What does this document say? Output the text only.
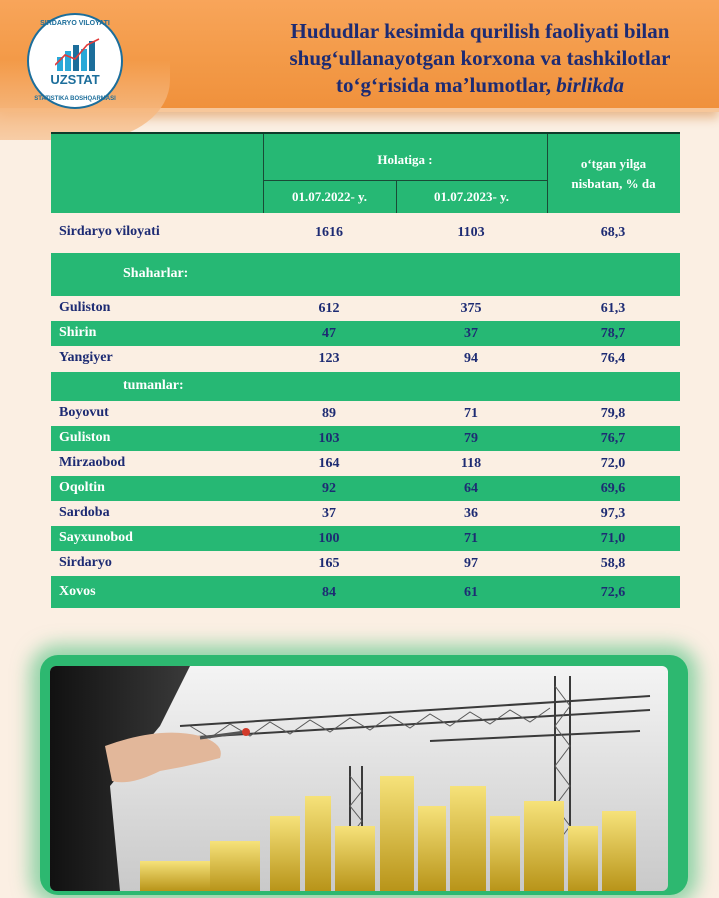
SIRDARYO VILOYATI
UZSTAT
STATISTIKA BOSHQARMASI
Hududlar kesimida qurilish faoliyati bilan
shug‘ullanayotgan korxona va tashkilotlar
to‘g‘risida ma’lumotlar, birlikda
Holatiga :
01.07.2022- y.	01.07.2023- y.
o‘tgan yilga
nisbatan, % da
Sirdaryo viloyati	1616	1103	68,3
Shaharlar:
Guliston	612	375	61,3
Shirin	47	37	78,7
Yangiyer	123	94	76,4
tumanlar:
Boyovut	89	71	79,8
Guliston	103	79	76,7
Mirzaobod	164	118	72,0
Oqoltin	92	64	69,6
Sardoba	37	36	97,3
Sayxunobod	100	71	71,0
Sirdaryo	165	97	58,8
Xovos	84	61	72,6
